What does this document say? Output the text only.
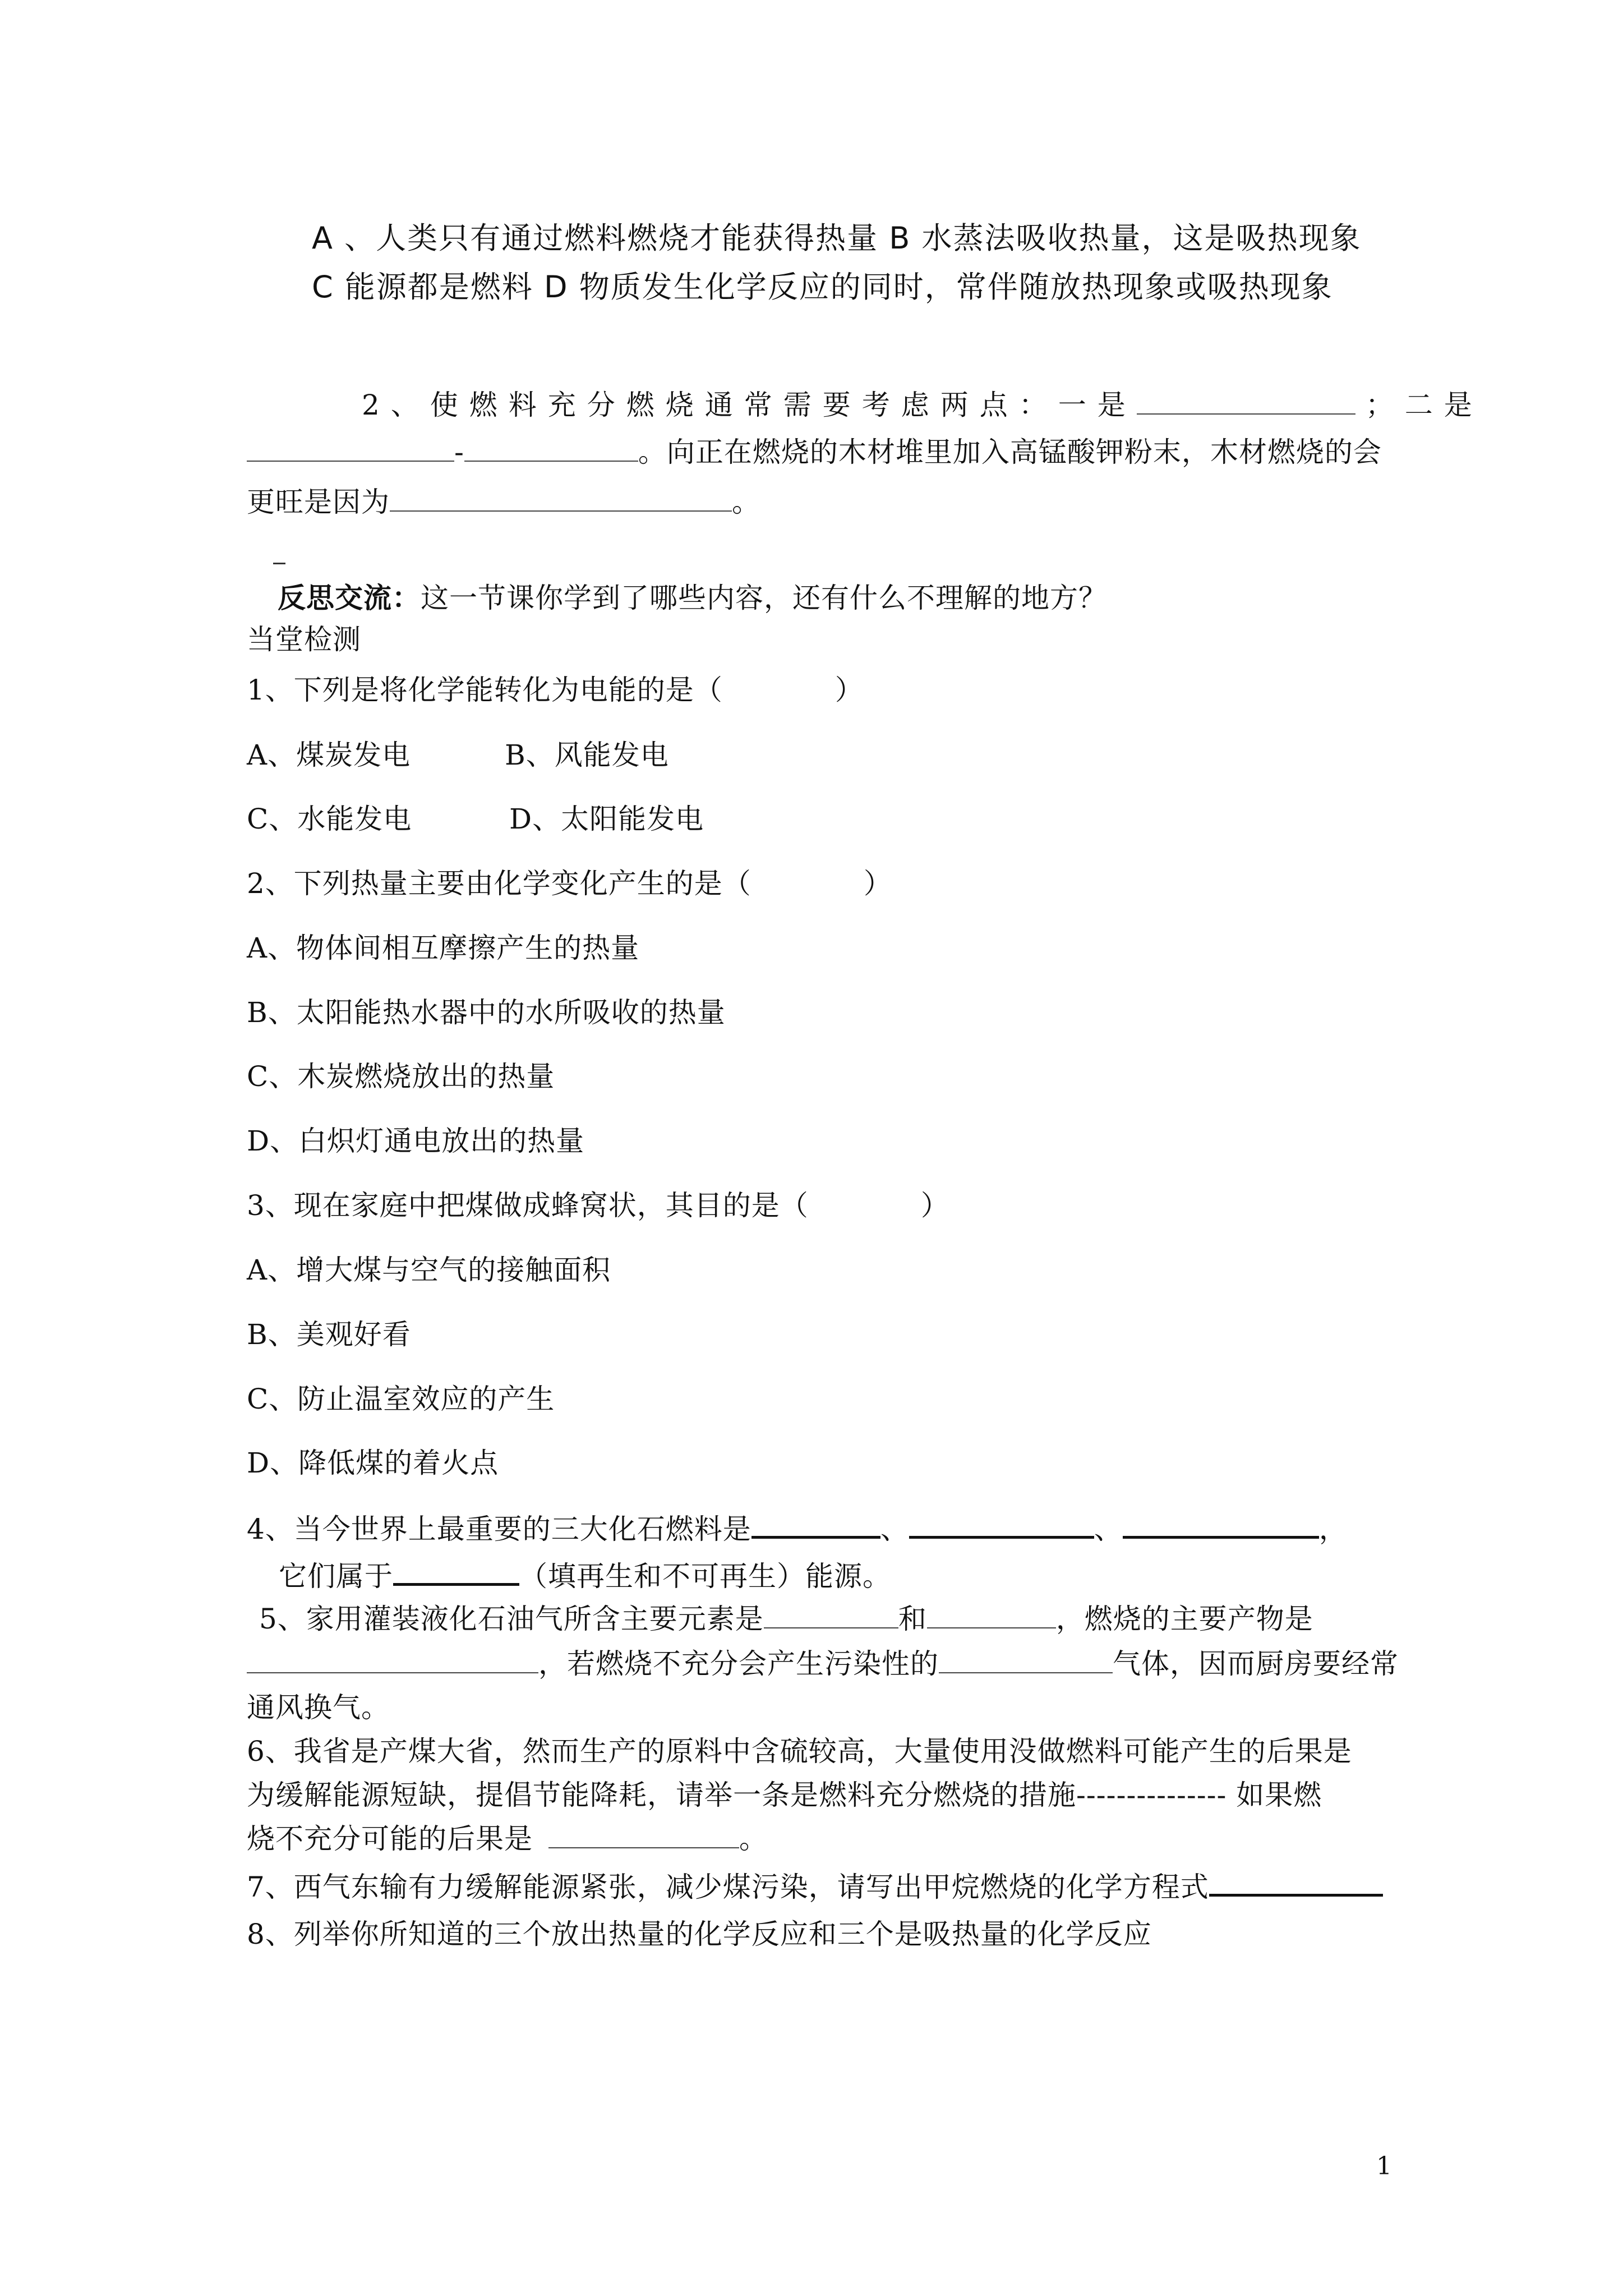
A 、人类只有通过燃料燃烧才能获得热量 B 水蒸法吸收热量，这是吸热现象
C 能源都是燃料 D 物质发生化学反应的同时，常伴随放热现象或吸热现象
2、使燃料充分燃烧通常需要考虑两点：一是	；二是
-	。向正在燃烧的木材堆里加入高锰酸钾粉末，木材燃烧的会
更旺是因为	。
反思交流：这一节课你学到了哪些内容，还有什么不理解的地方？
当堂检测
1、下列是将化学能转化为电能的是（	）
A、煤炭发电	B、风能发电
C、水能发电	D、太阳能发电
2、下列热量主要由化学变化产生的是（	）
A、物体间相互摩擦产生的热量
B、太阳能热水器中的水所吸收的热量
C、木炭燃烧放出的热量
D、白炽灯通电放出的热量
3、现在家庭中把煤做成蜂窝状，其目的是（	）
A、增大煤与空气的接触面积
B、美观好看
C、防止温室效应的产生
D、降低煤的着火点
4、当今世界上最重要的三大化石燃料是	、	、	，
它们属于	（填再生和不可再生）能源。
5、家用灌装液化石油气所含主要元素是	和	，燃烧的主要产物是
，若燃烧不充分会产生污染性的	气体，因而厨房要经常
通风换气。
6、我省是产煤大省，然而生产的原料中含硫较高，大量使用没做燃料可能产生的后果是
为缓解能源短缺，提倡节能降耗，请举一条是燃料充分燃烧的措施--------------- 如果燃
烧不充分可能的后果是	。
7、西气东输有力缓解能源紧张，减少煤污染，请写出甲烷燃烧的化学方程式
8、列举你所知道的三个放出热量的化学反应和三个是吸热量的化学反应
1
